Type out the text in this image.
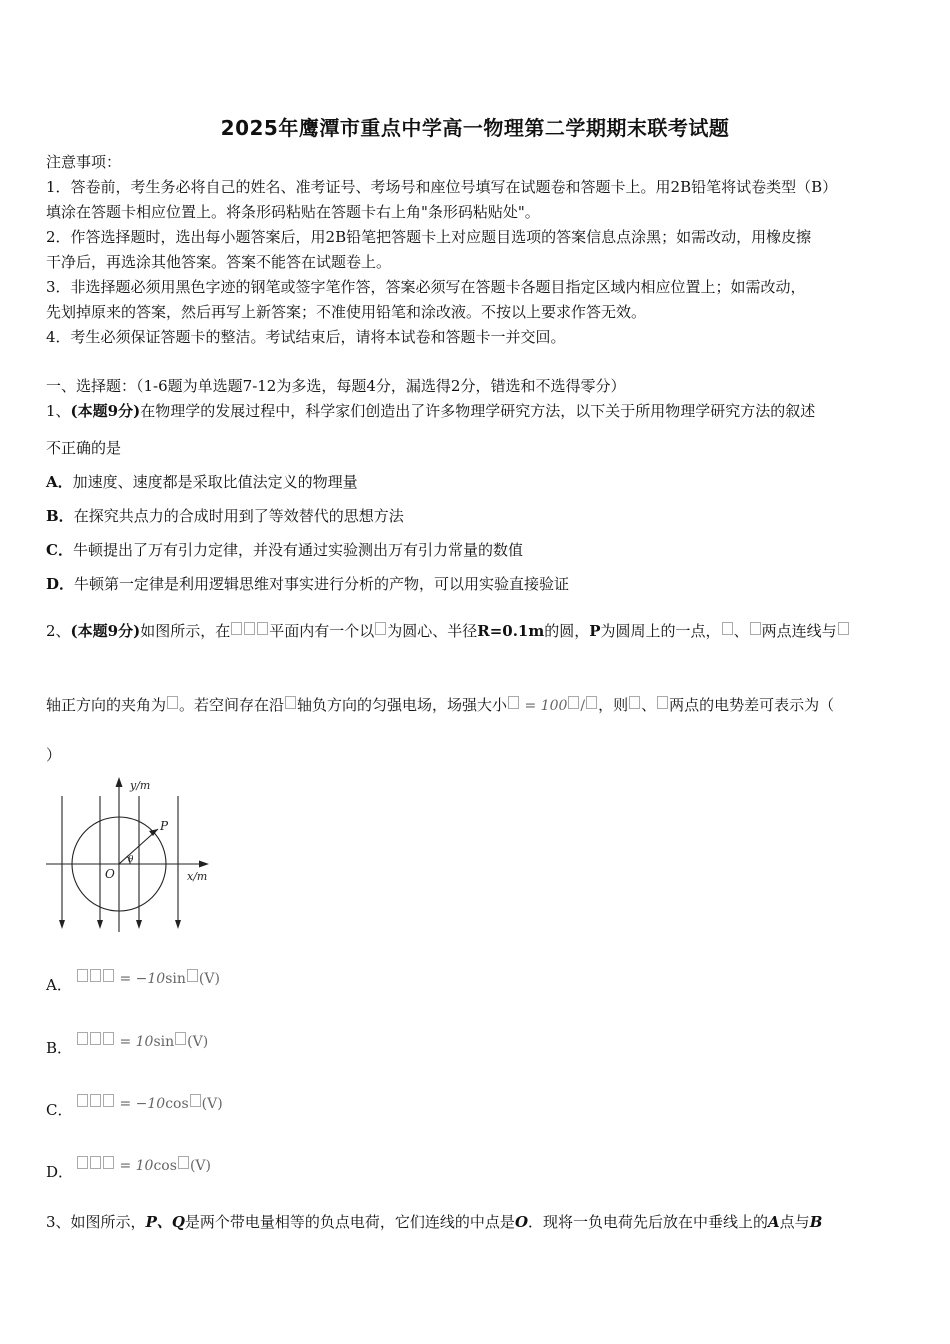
2025年鹰潭市重点中学高一物理第二学期期末联考试题
注意事项：
1．答卷前，考生务必将自己的姓名、准考证号、考场号和座位号填写在试题卷和答题卡上。用2B铅笔将试卷类型（B）
填涂在答题卡相应位置上。将条形码粘贴在答题卡右上角"条形码粘贴处"。
2．作答选择题时，选出每小题答案后，用2B铅笔把答题卡上对应题目选项的答案信息点涂黑；如需改动，用橡皮擦
干净后，再选涂其他答案。答案不能答在试题卷上。
3．非选择题必须用黑色字迹的钢笔或签字笔作答，答案必须写在答题卡各题目指定区域内相应位置上；如需改动，
先划掉原来的答案，然后再写上新答案；不准使用铅笔和涂改液。不按以上要求作答无效。
4．考生必须保证答题卡的整洁。考试结束后，请将本试卷和答题卡一并交回。
一、选择题：（1-6题为单选题7-12为多选，每题4分，漏选得2分，错选和不选得零分）
1、(本题9分)在物理学的发展过程中，科学家们创造出了许多物理学研究方法，以下关于所用物理学研究方法的叙述
不正确的是
A．加速度、速度都是采取比值法定义的物理量
B．在探究共点力的合成时用到了等效替代的思想方法
C．牛顿提出了万有引力定律，并没有通过实验测出万有引力常量的数值
D．牛顿第一定律是利用逻辑思维对事实进行分析的产物，可以用实验直接验证
2、(本题9分)如图所示，在	平面内有一个以 为圆心、半径R=0.1m的圆，P为圆周上的一点， 、 两点连线与
轴正方向的夹角为 。若空间存在沿 轴负方向的匀强电场，场强大小 = 100 / ，则 、 两点的电势差可表示为（
）
y/m
x/m
O
P
θ
A．	= −10sin (V)
B．	= 10sin (V)
C．	= −10cos (V)
D．	= 10cos (V)
3、如图所示，P、Q是两个带电量相等的负点电荷，它们连线的中点是O．现将一负电荷先后放在中垂线上的A点与B
